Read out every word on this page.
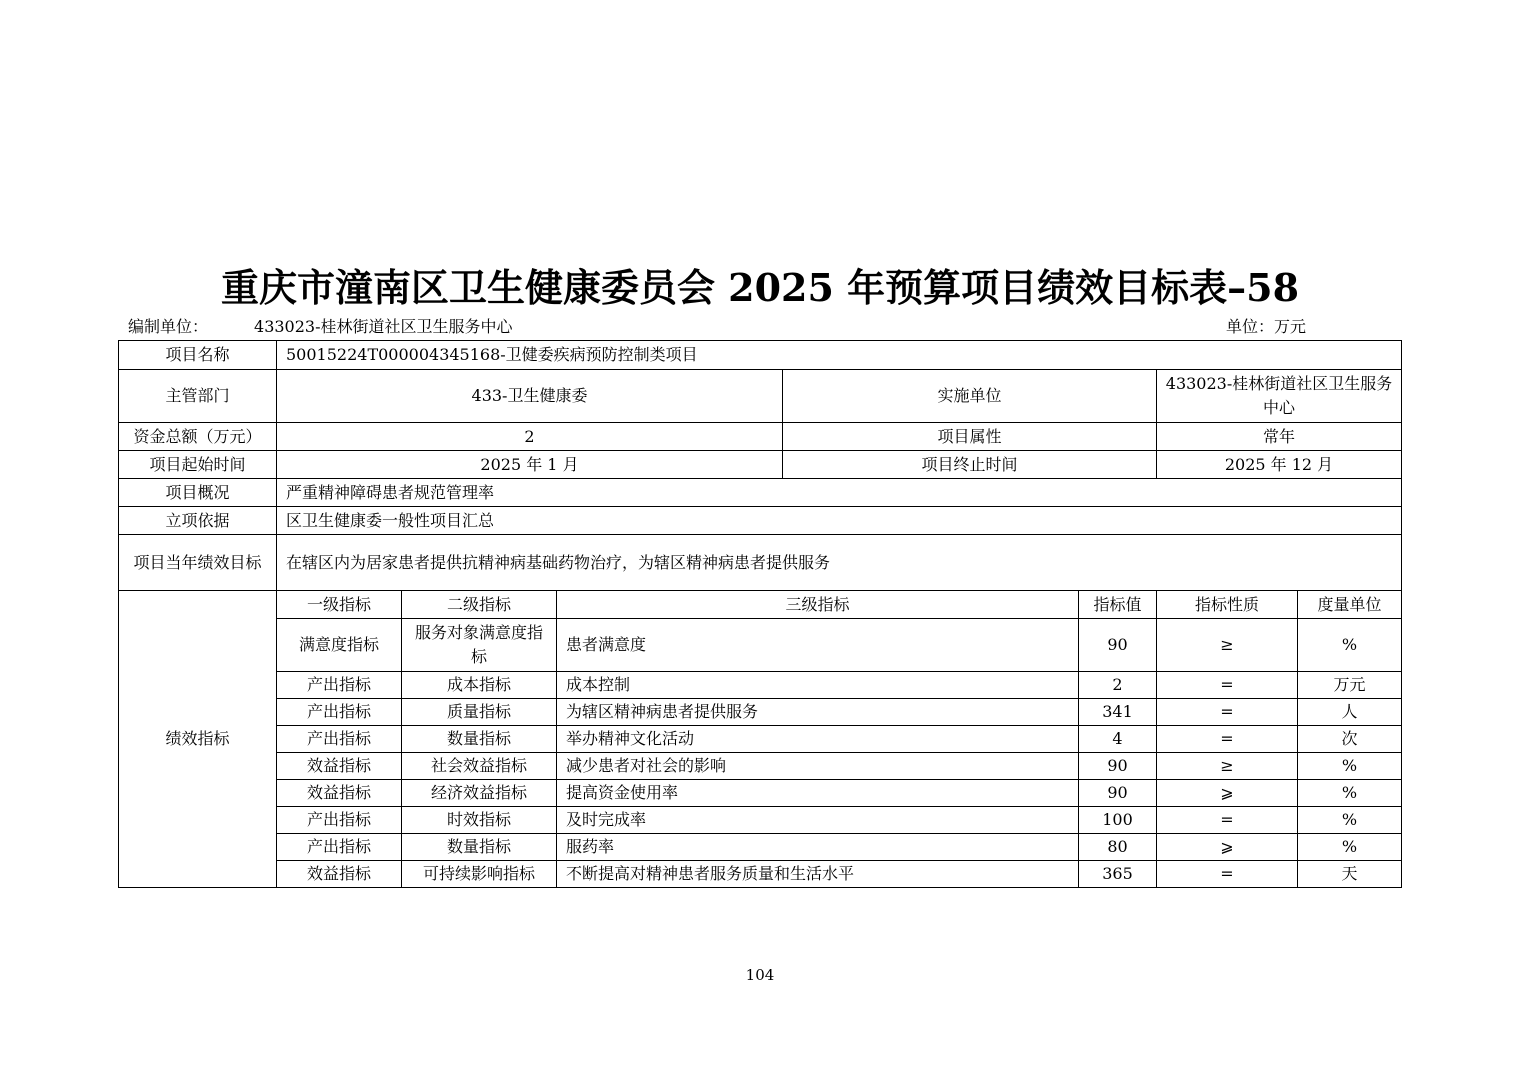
重庆市潼南区卫生健康委员会 2025 年预算项目绩效目标表–58
编制单位：	433023-桂林街道社区卫生服务中心	单位：万元
项目名称	50015224T000004345168-卫健委疾病预防控制类项目						
主管部门	433-卫生健康委			实施单位		433023-桂林街道社区卫生服务中心	
资金总额（万元）	2			项目属性		常年	
项目起始时间	2025 年 1 月			项目终止时间		2025 年 12 月	
项目概况	严重精神障碍患者规范管理率						
立项依据	区卫生健康委一般性项目汇总						
项目当年绩效目标	在辖区内为居家患者提供抗精神病基础药物治疗，为辖区精神病患者提供服务						
绩效指标	一级指标	二级指标	三级指标		指标值	指标性质	度量单位
	满意度指标	服务对象满意度指标	患者满意度		90	≥	%
	产出指标	成本指标	成本控制		2	=	万元
	产出指标	质量指标	为辖区精神病患者提供服务		341	=	人
	产出指标	数量指标	举办精神文化活动		4	=	次
	效益指标	社会效益指标	减少患者对社会的影响		90	≥	%
	效益指标	经济效益指标	提高资金使用率		90	⩾	%
	产出指标	时效指标	及时完成率		100	=	%
	产出指标	数量指标	服药率		80	⩾	%
	效益指标	可持续影响指标	不断提高对精神患者服务质量和生活水平		365	=	天
104
